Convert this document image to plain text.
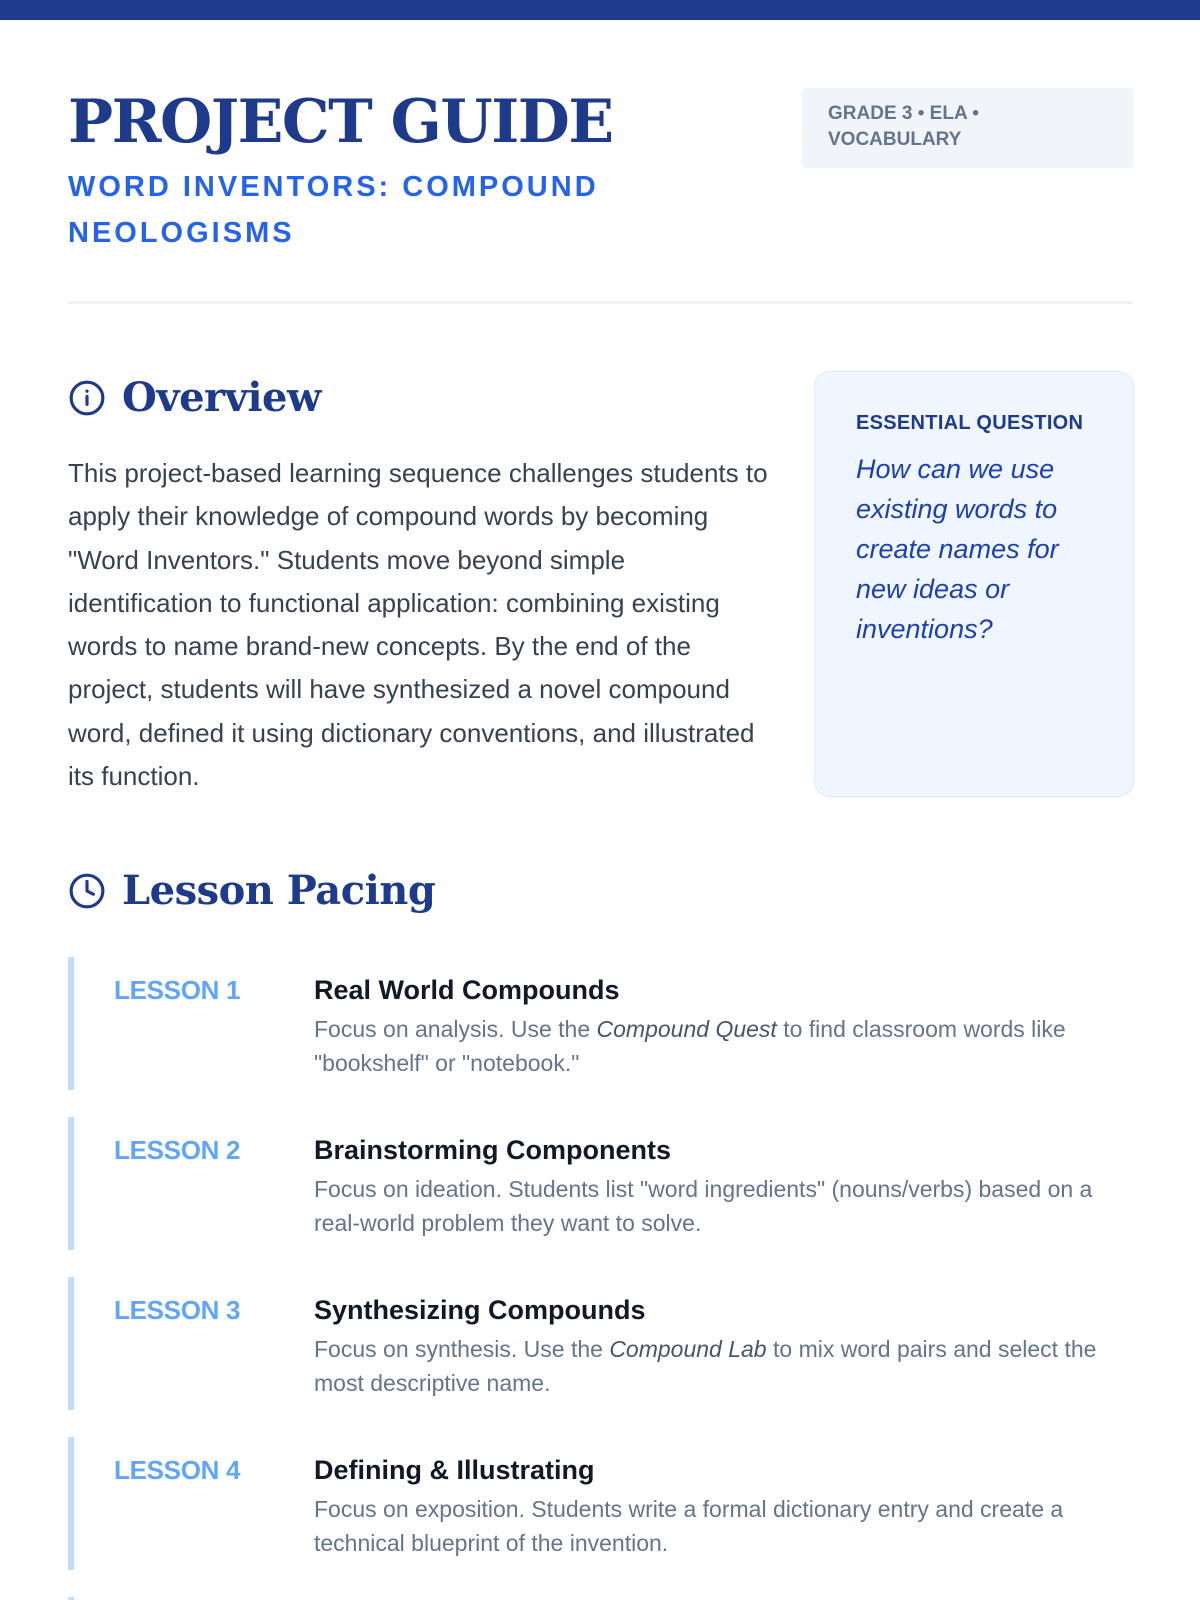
PROJECT GUIDE
WORD INVENTORS: COMPOUND NEOLOGISMS
GRADE 3 • ELA • VOCABULARY
Overview

This project-based learning sequence challenges students to apply their knowledge of compound words by becoming "Word Inventors." Students move beyond simple identification to functional application: combining existing words to name brand-new concepts. By the end of the project, students will have synthesized a novel compound word, defined it using dictionary conventions, and illustrated its function.

ESSENTIAL QUESTION
How can we use existing words to create names for new ideas or inventions?
Lesson Pacing
LESSON 1	Real World Compounds
Focus on analysis. Use the Compound Quest to find classroom words like "bookshelf" or "notebook."
LESSON 2	Brainstorming Components
Focus on ideation. Students list "word ingredients" (nouns/verbs) based on a real-world problem they want to solve.
LESSON 3	Synthesizing Compounds
Focus on synthesis. Use the Compound Lab to mix word pairs and select the most descriptive name.
LESSON 4	Defining & Illustrating
Focus on exposition. Students write a formal dictionary entry and create a technical blueprint of the invention.
